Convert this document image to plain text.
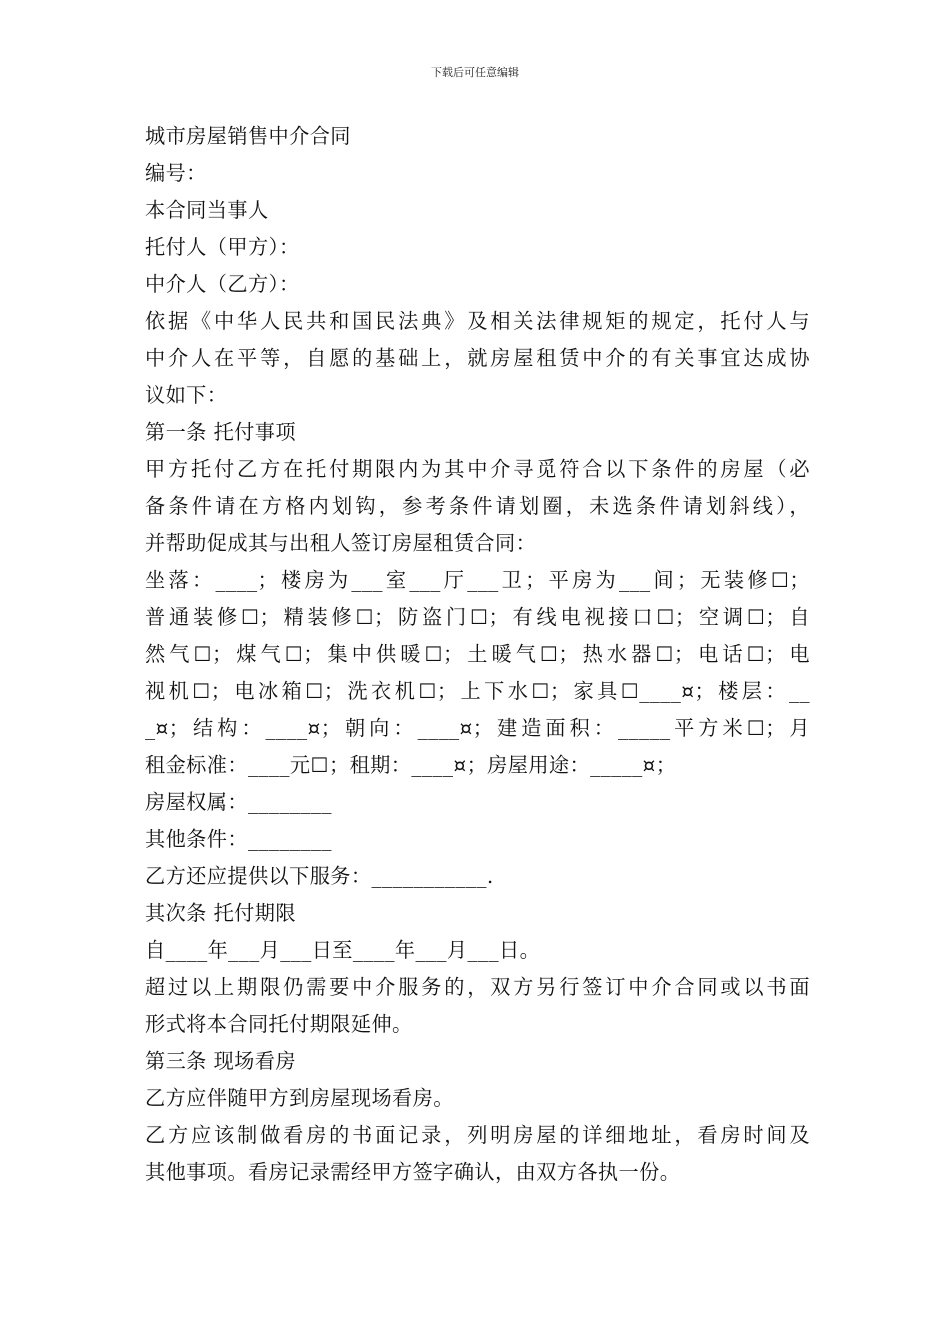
下载后可任意编辑
城市房屋销售中介合同
编号：
本合同当事人
托付人（甲方）：
中介人（乙方）：
依据《中华人民共和国民法典》及相关法律规矩的规定，托付人与
中介人在平等，自愿的基础上，就房屋租赁中介的有关事宜达成协
议如下：
第一条 托付事项
甲方托付乙方在托付期限内为其中介寻觅符合以下条件的房屋（必
备条件请在方格内划钩，参考条件请划圈，未选条件请划斜线），
并帮助促成其与出租人签订房屋租赁合同：
坐落：____；楼房为___室___厅___卫；平房为___间；无装修☐；
普通装修☐；精装修☐；防盗门☐；有线电视接口☐；空调☐；自
然气☐；煤气☐；集中供暖☐；土暖气☐；热水器☐；电话☐；电
视机☐；电冰箱☐；洗衣机☐；上下水☐；家具☐____¤；楼层：__
_¤；结构：____¤；朝向：____¤；建造面积：_____平方米☐；月
租金标准：____元☐；租期：____¤；房屋用途：_____¤；
房屋权属：________
其他条件：________
乙方还应提供以下服务：___________.
其次条 托付期限
自____年___月___日至____年___月___日。
超过以上期限仍需要中介服务的，双方另行签订中介合同或以书面
形式将本合同托付期限延伸。
第三条 现场看房
乙方应伴随甲方到房屋现场看房。
乙方应该制做看房的书面记录，列明房屋的详细地址，看房时间及
其他事项。看房记录需经甲方签字确认，由双方各执一份。
